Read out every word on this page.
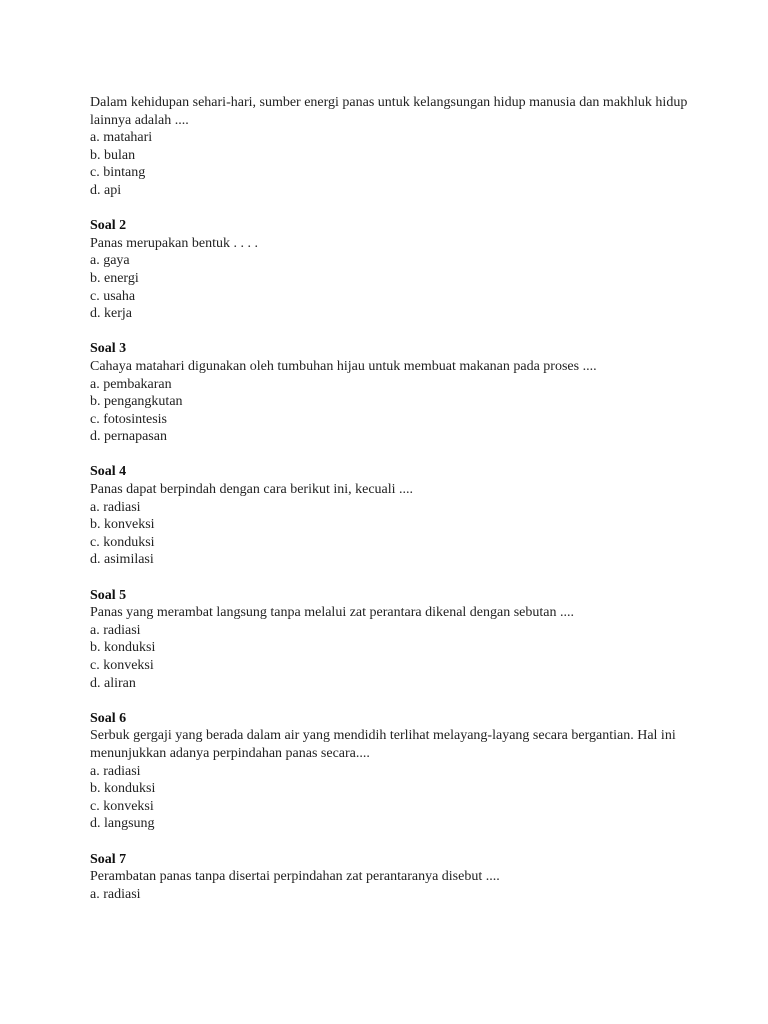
Dalam kehidupan sehari-hari, sumber energi panas untuk kelangsungan hidup manusia dan makhluk hidup lainnya adalah ....
a. matahari
b. bulan
c. bintang
d. api
Soal 2
Panas merupakan bentuk . . . .
a. gaya
b. energi
c. usaha
d. kerja
Soal 3
Cahaya matahari digunakan oleh tumbuhan hijau untuk membuat makanan pada proses ....
a. pembakaran
b. pengangkutan
c. fotosintesis
d. pernapasan
Soal 4
Panas dapat berpindah dengan cara berikut ini, kecuali ....
a. radiasi
b. konveksi
c. konduksi
d. asimilasi
Soal 5
Panas yang merambat langsung tanpa melalui zat perantara dikenal dengan sebutan ....
a. radiasi
b. konduksi
c. konveksi
d. aliran
Soal 6
Serbuk gergaji yang berada dalam air yang mendidih terlihat melayang-layang secara bergantian. Hal ini menunjukkan adanya perpindahan panas secara....
a. radiasi
b. konduksi
c. konveksi
d. langsung
Soal 7
Perambatan panas tanpa disertai perpindahan zat perantaranya disebut ....
a. radiasi
